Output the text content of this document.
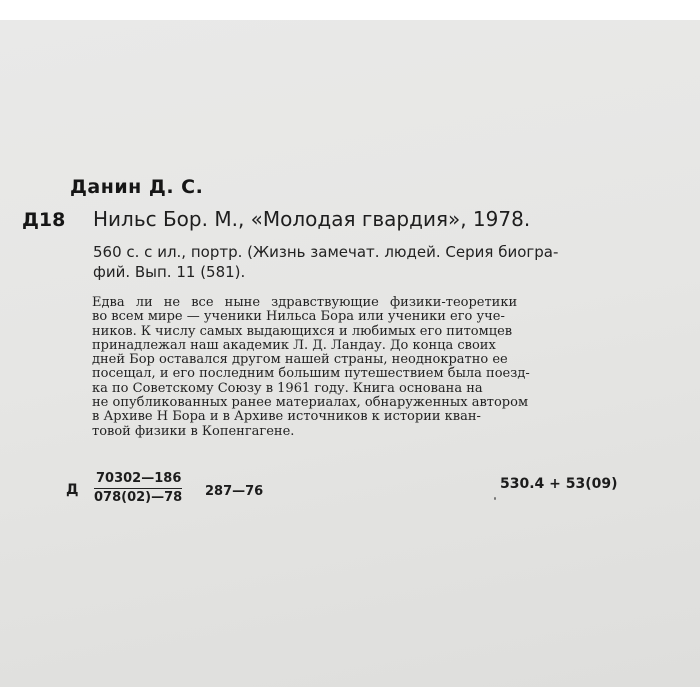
Данин Д. С.
Д18 Нильс Бор. М., «Молодая гвардия», 1978.
560 с. с ил., портр. (Жизнь замечат. людей. Серия биогра-
фий. Вып. 11 (581).
Едва ли не все ныне здравствующие физики-теоретики
во всем мире — ученики Нильса Бора или ученики его уче-
ников. К числу самых выдающихся и любимых его питомцев
принадлежал наш академик Л. Д. Ландау. До конца своих
дней Бор оставался другом нашей страны, неоднократно ее
посещал, и его последним большим путешествием была поезд-
ка по Советскому Союзу в 1961 году. Книга основана на
не опубликованных ранее материалах, обнаруженных автором
в Архиве Н Бора и в Архиве источников к истории кван-
товой физики в Копенгагене.
Д $\frac{70302—186}{078(02)—78}$ 287—76	530.4 + 53(09)
